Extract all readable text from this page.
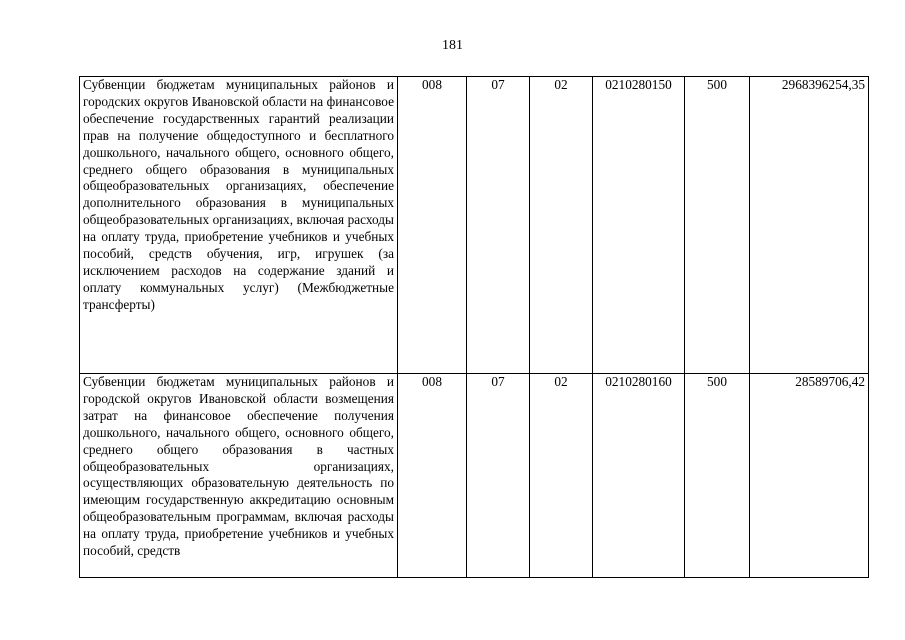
181
Субвенции бюджетам муниципальных районов и городских округов Ивановской области на финансовое обеспечение государственных гарантий реализации прав на получение общедоступного и бесплатного дошкольного, начального общего, основного общего, среднего общего образования в муниципальных общеобразовательных организациях, обеспечение дополнительного образования в муниципальных общеобразовательных организациях, включая расходы на оплату труда, приобретение учебников и учебных пособий, средств обучения, игр, игрушек (за исключением расходов на содержание зданий и оплату коммунальных услуг) (Межбюджетные трансферты)	008	07	02	0210280150	500	2968396254,35
Субвенции бюджетам муниципальных районов и городской округов Ивановской области возмещения затрат на финансовое обеспечение получения дошкольного, начального общего, основного общего, среднего общего образования в частных общеобразовательных организациях, осуществляющих образовательную деятельность по имеющим государственную аккредитацию основным общеобразовательным программам, включая расходы на оплату труда, приобретение учебников и учебных пособий, средств	008	07	02	0210280160	500	28589706,42
